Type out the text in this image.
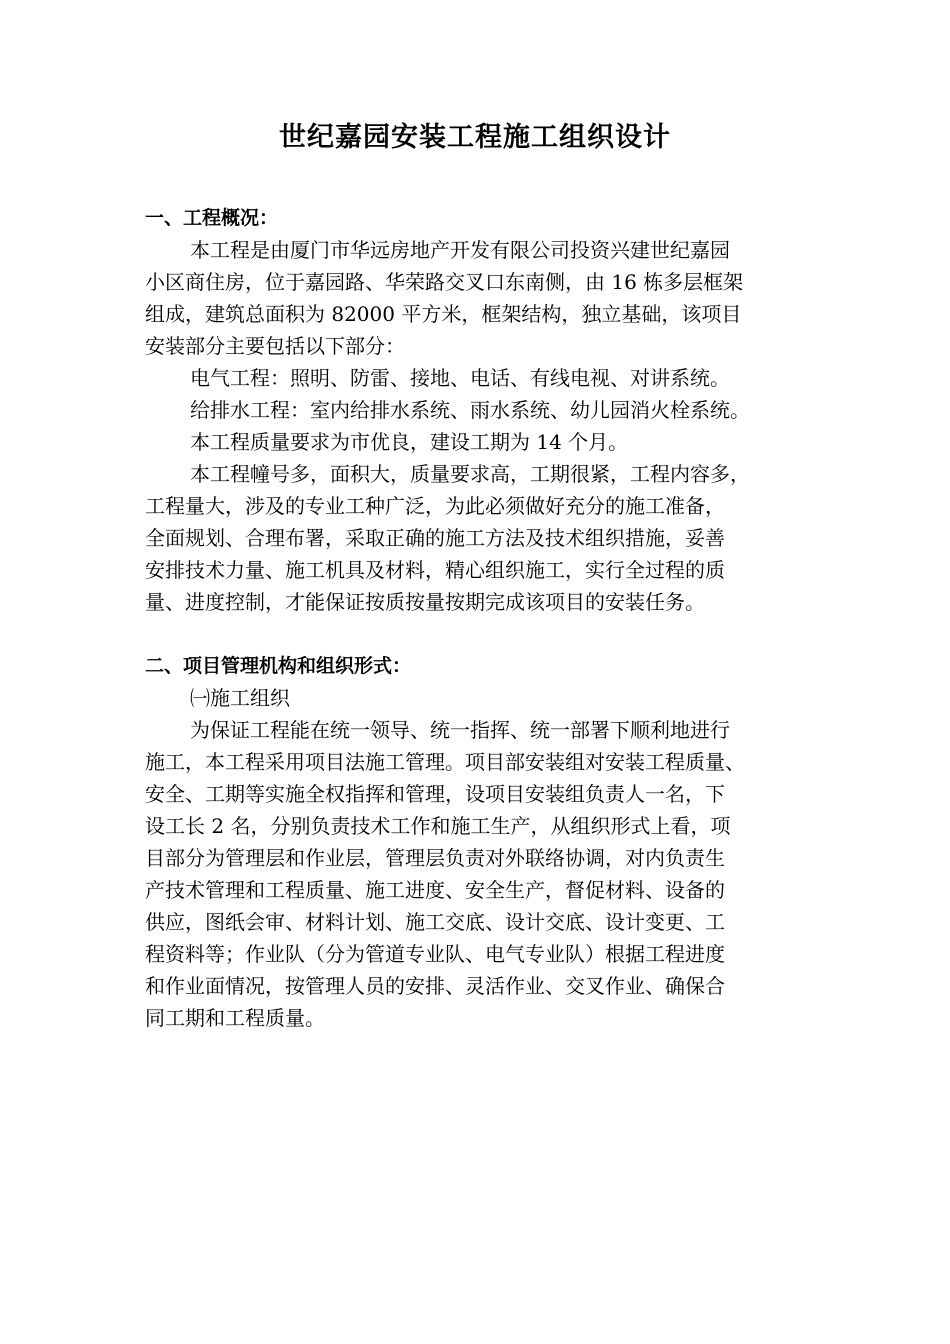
世纪嘉园安装工程施工组织设计
一、工程概况：
本工程是由厦门市华远房地产开发有限公司投资兴建世纪嘉园
小区商住房，位于嘉园路、华荣路交叉口东南侧，由 16 栋多层框架
组成，建筑总面积为 82000 平方米，框架结构，独立基础，该项目
安装部分主要包括以下部分：
电气工程：照明、防雷、接地、电话、有线电视、对讲系统。
给排水工程：室内给排水系统、雨水系统、幼儿园消火栓系统。
本工程质量要求为市优良，建设工期为 14 个月。
本工程幢号多，面积大，质量要求高，工期很紧，工程内容多，
工程量大，涉及的专业工种广泛，为此必须做好充分的施工准备，
全面规划、合理布署，采取正确的施工方法及技术组织措施，妥善
安排技术力量、施工机具及材料，精心组织施工，实行全过程的质
量、进度控制，才能保证按质按量按期完成该项目的安装任务。
二、项目管理机构和组织形式：
㈠施工组织
为保证工程能在统一领导、统一指挥、统一部署下顺利地进行
施工，本工程采用项目法施工管理。项目部安装组对安装工程质量、
安全、工期等实施全权指挥和管理，设项目安装组负责人一名，下
设工长 2 名，分别负责技术工作和施工生产，从组织形式上看，项
目部分为管理层和作业层，管理层负责对外联络协调，对内负责生
产技术管理和工程质量、施工进度、安全生产，督促材料、设备的
供应，图纸会审、材料计划、施工交底、设计交底、设计变更、工
程资料等；作业队（分为管道专业队、电气专业队）根据工程进度
和作业面情况，按管理人员的安排、灵活作业、交叉作业、确保合
同工期和工程质量。
